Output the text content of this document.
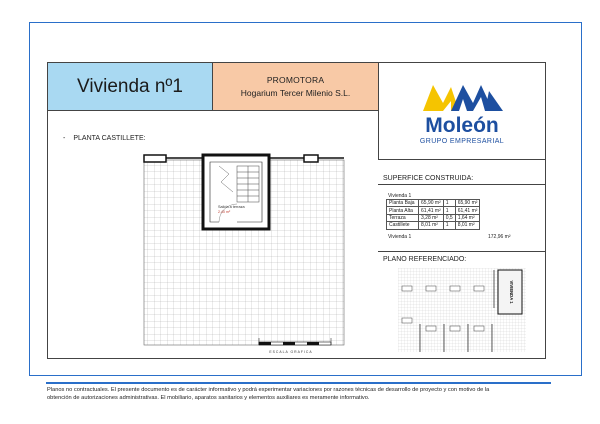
Vivienda nº1	PROMOTORA
Hogarium Tercer Milenio S.L.
Moleón
GRUPO EMPRESARIAL
- PLANTA CASTILLETE:
Salida a terraza
2,40 m²
ESCALA GRAFICA
SUPERFICE CONSTRUIDA:
Vivienda 1
Planta Baja	65,90 m²	1	65,90 m²
Planta Alta	61,41 m²	1	61,41 m²
Terraza	3,28 m²	0,5	1,64 m²
Castillete	8,01 m²	1	8,01 m²
Vivienda 1	172,96 m²
PLANO REFERENCIADO:
VIVIENDA 1
Planos no contractuales. El presente documento es de carácter informativo y podrá experimentar variaciones por razones técnicas de desarrollo de proyecto y con motivo de la
obtención de autorizaciones administrativas. El mobiliario, aparatos sanitarios y elementos auxiliares es meramente informativo.
